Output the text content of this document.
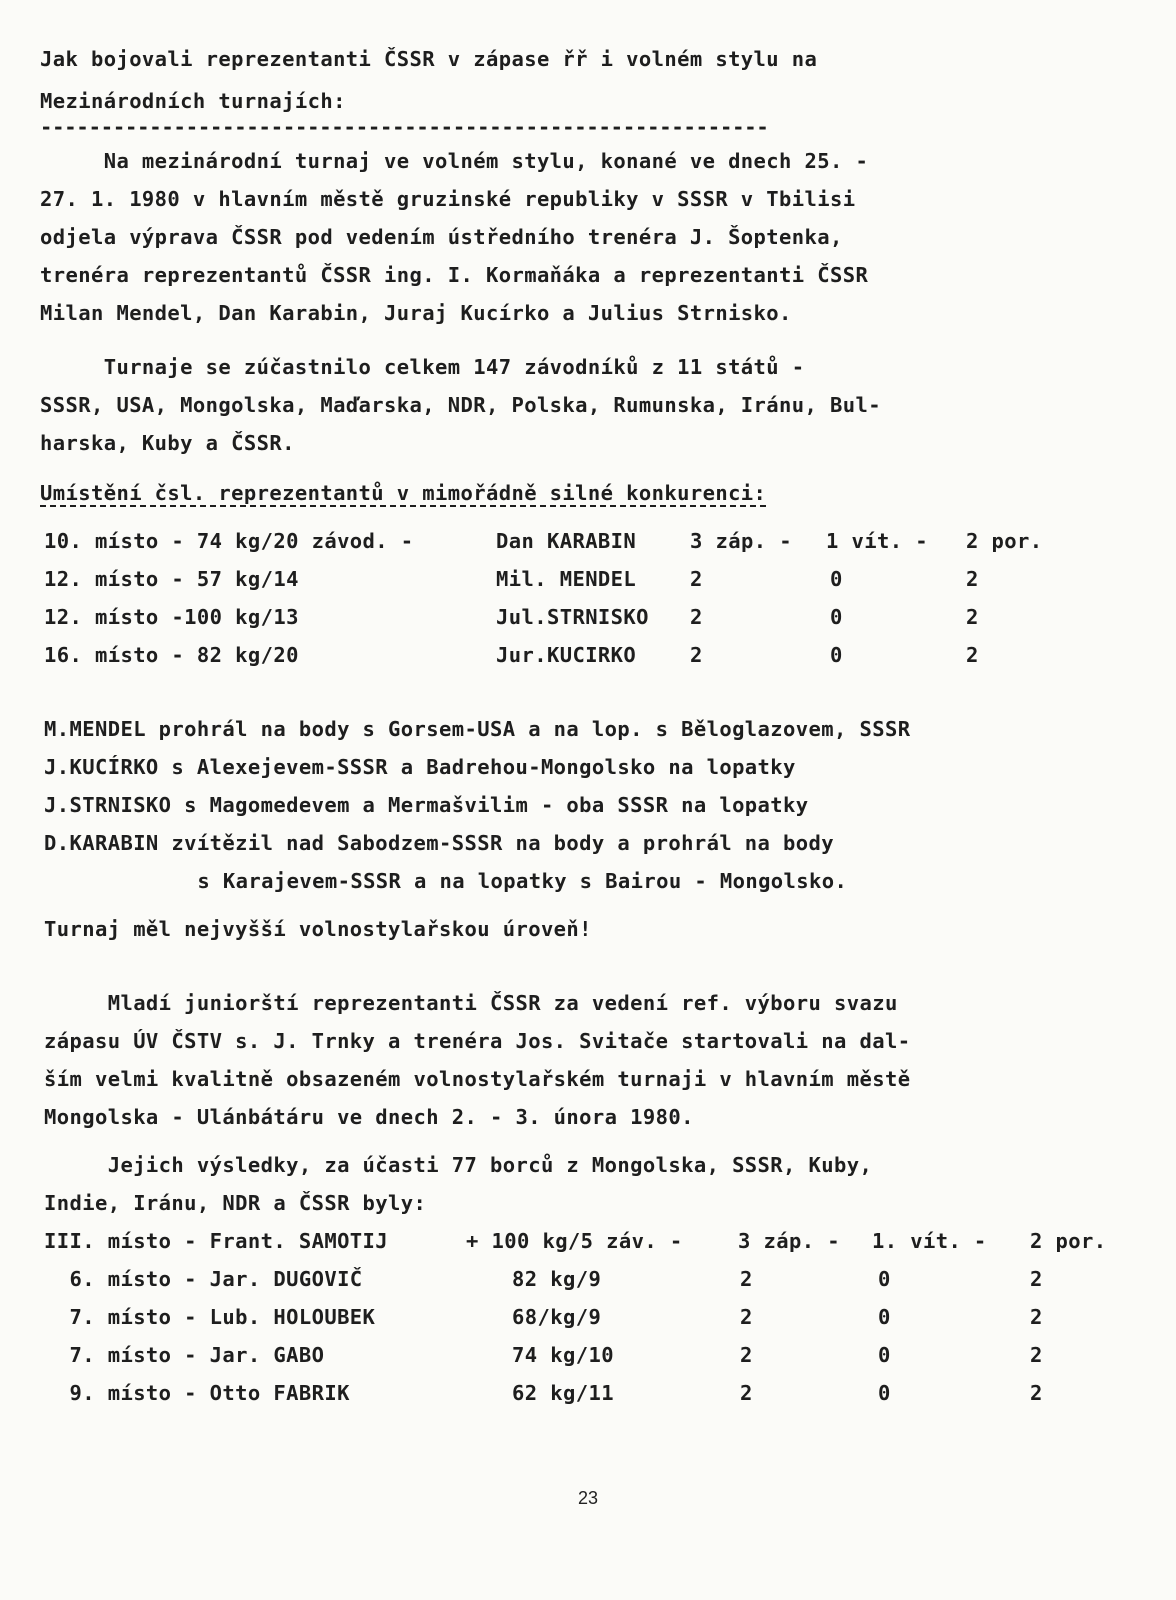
Jak bojovali reprezentanti ČSSR v zápase řř i volném stylu na
Mezinárodních turnajích:
------------------------------------------------------------
Na mezinárodní turnaj ve volném stylu, konané ve dnech 25. -
27. 1. 1980 v hlavním městě gruzinské republiky v SSSR v Tbilisi
odjela výprava ČSSR pod vedením ústředního trenéra J. Šoptenka,
trenéra reprezentantů ČSSR ing. I. Kormaňáka a reprezentanti ČSSR
Milan Mendel, Dan Karabin, Juraj Kucírko a Julius Strnisko.
Turnaje se zúčastnilo celkem 147 závodníků z 11 států -
SSSR, USA, Mongolska, Maďarska, NDR, Polska, Rumunska, Iránu, Bul-
harska, Kuby a ČSSR.
Umístění čsl. reprezentantů v mimořádně silné konkurenci:
10. místo - 74 kg/20 závod. -	Dan KARABIN	3 záp. - 1 vít. - 2 por.
12. místo - 57 kg/14	Mil. MENDEL	2	0	2
12. místo -100 kg/13	Jul.STRNISKO 2	0	2
16. místo - 82 kg/20	Jur.KUCIRKO	2	0	2
M.MENDEL prohrál na body s Gorsem-USA a na lop. s Běloglazovem, SSSR
J.KUCÍRKO s Alexejevem-SSSR a Badrehou-Mongolsko na lopatky
J.STRNISKO s Magomedevem a Mermašvilim - oba SSSR na lopatky
D.KARABIN zvítězil nad Sabodzem-SSSR na body a prohrál na body
s Karajevem-SSSR a na lopatky s Bairou - Mongolsko.
Turnaj měl nejvyšší volnostylařskou úroveň!
Mladí juniorští reprezentanti ČSSR za vedení ref. výboru svazu
zápasu ÚV ČSTV s. J. Trnky a trenéra Jos. Svitače startovali na dal-
ším velmi kvalitně obsazeném volnostylařském turnaji v hlavním městě
Mongolska - Ulánbátáru ve dnech 2. - 3. února 1980.
Jejich výsledky, za účasti 77 borců z Mongolska, SSSR, Kuby,
Indie, Iránu, NDR a ČSSR byly:
III. místo - Frant. SAMOTIJ	+ 100 kg/5 záv. -	3 záp. - 1. vít. - 2 por.
6. místo - Jar. DUGOVIČ	82 kg/9	2	0	2
7. místo - Lub. HOLOUBEK	68/kg/9	2	0	2
7. místo - Jar. GABO	74 kg/10	2	0	2
9. místo - Otto FABRIK	62 kg/11	2	0	2
23
